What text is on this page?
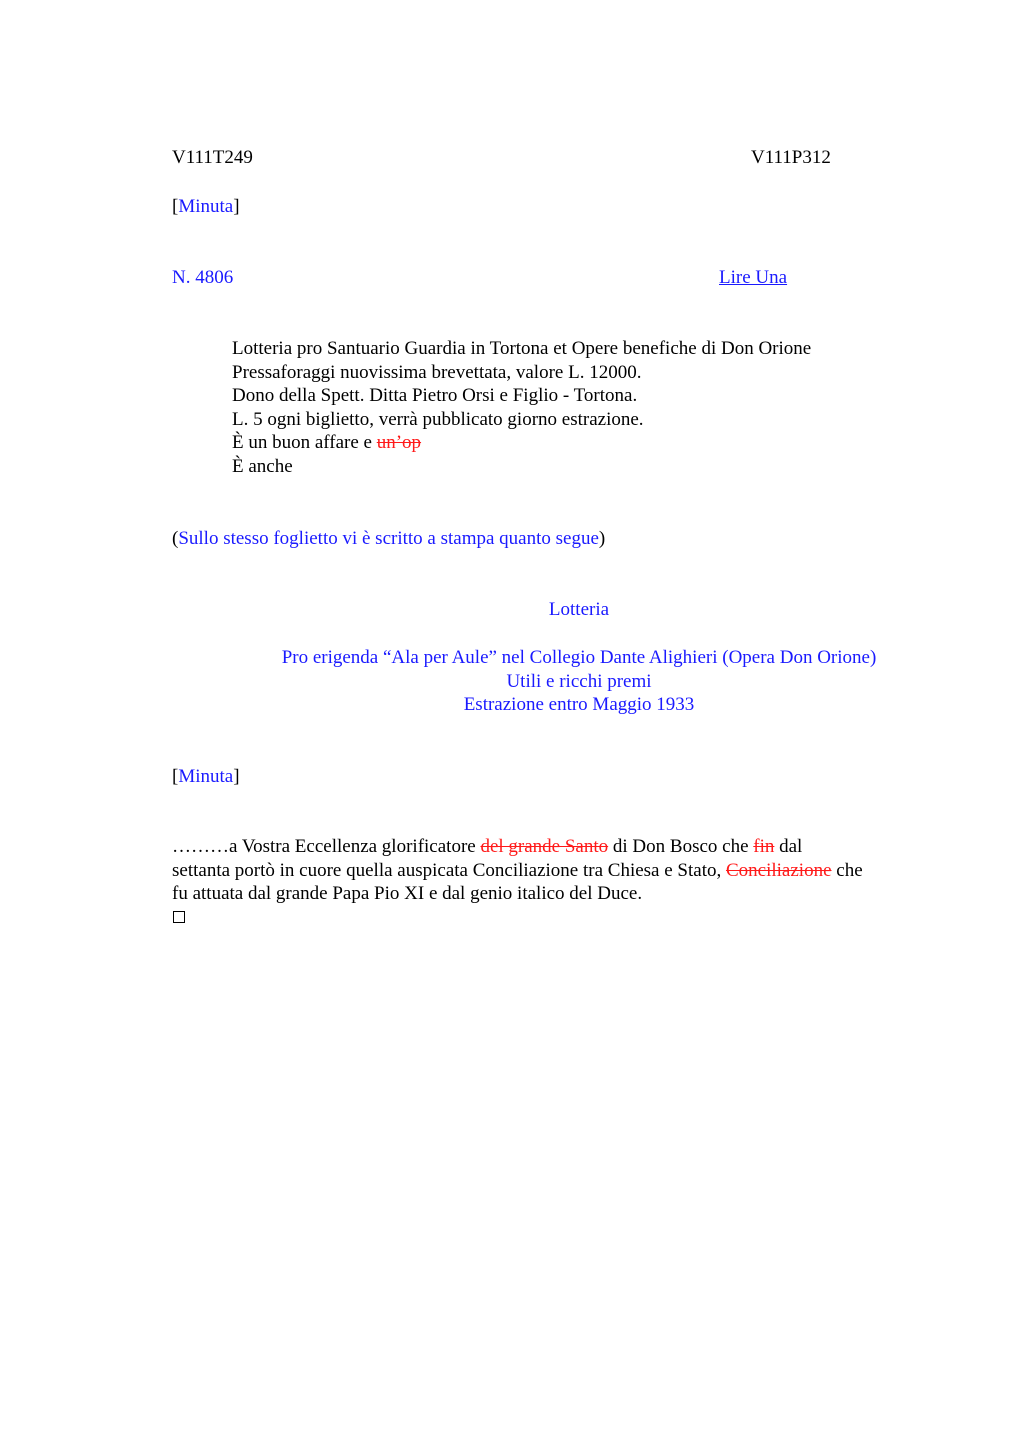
V111T249	V111P312
[Minuta]
N. 4806	Lire Una
Lotteria pro Santuario Guardia in Tortona et Opere benefiche di Don Orione
Pressaforaggi nuovissima brevettata, valore L. 12000.
Dono della Spett. Ditta Pietro Orsi e Figlio - Tortona.
L. 5 ogni biglietto, verrà pubblicato giorno estrazione.
È un buon affare e un’op
È anche
(Sullo stesso foglietto vi è scritto a stampa quanto segue)
Lotteria
Pro erigenda “Ala per Aule” nel Collegio Dante Alighieri (Opera Don Orione)
Utili e ricchi premi
Estrazione entro Maggio 1933
[Minuta]
………a Vostra Eccellenza glorificatore del grande Santo di Don Bosco che fin dal
settanta portò in cuore quella auspicata Conciliazione tra Chiesa e Stato, Conciliazione che
fu attuata dal grande Papa Pio XI e dal genio italico del Duce.
